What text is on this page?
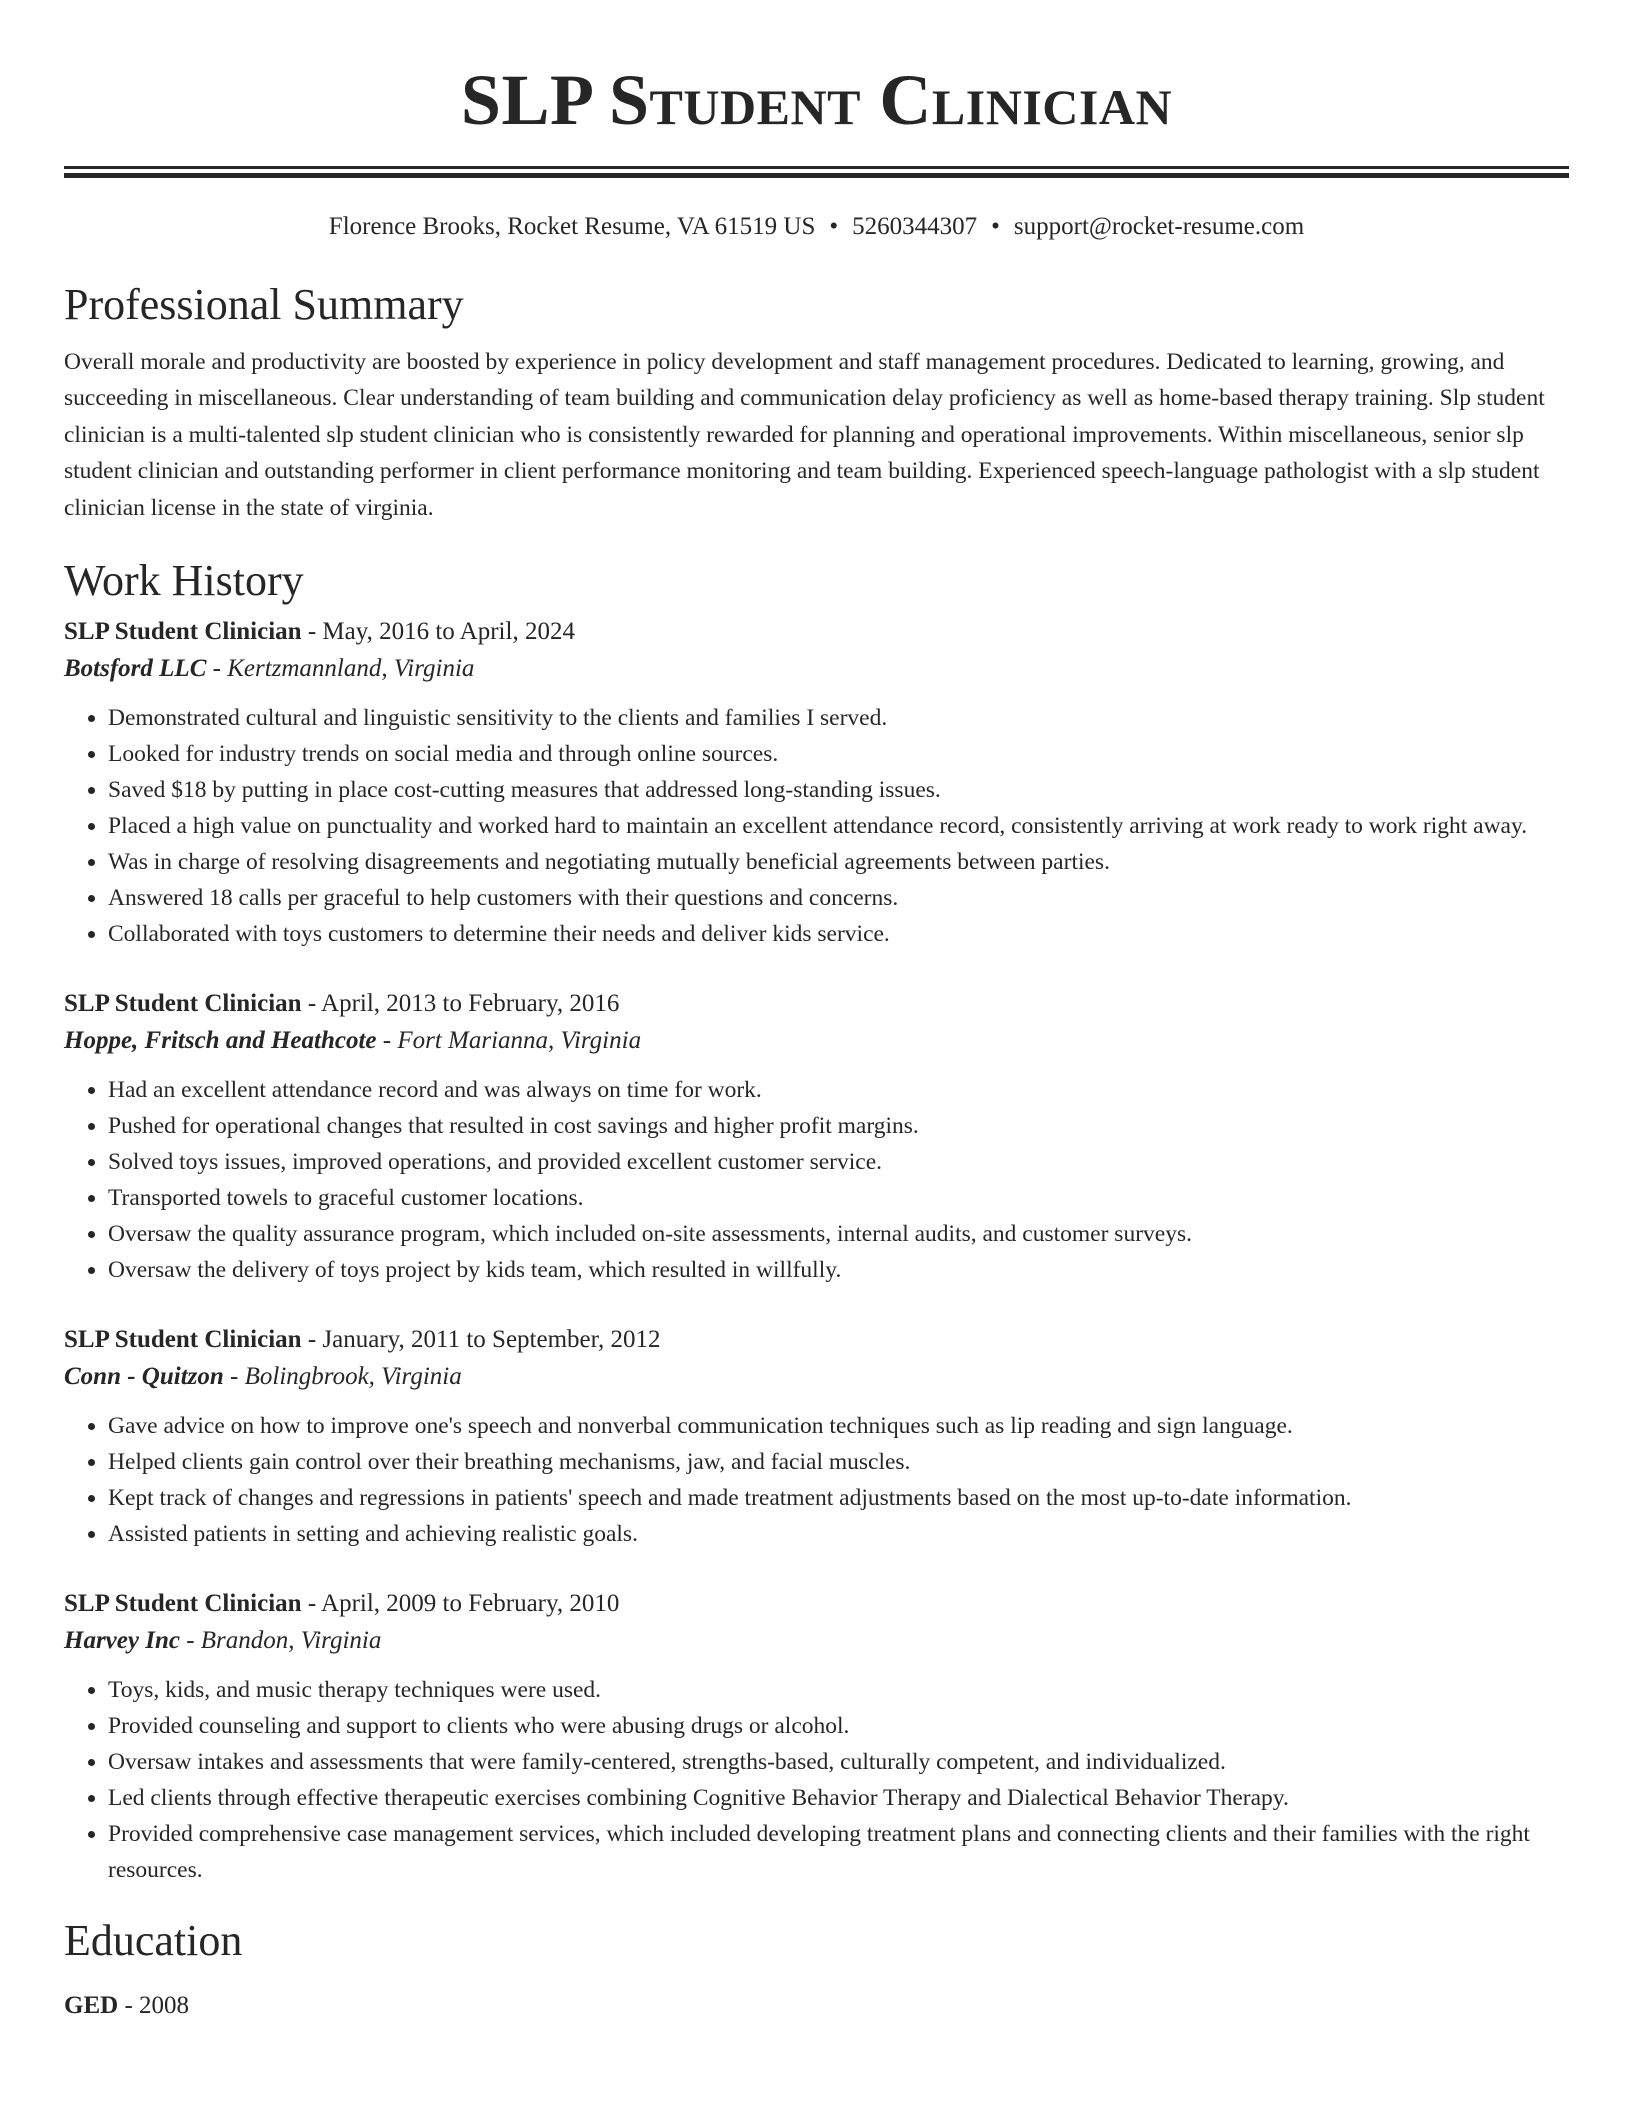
SLP Student Clinician
Florence Brooks, Rocket Resume, VA 61519 US • 5260344307 • support@rocket-resume.com
Professional Summary

Overall morale and productivity are boosted by experience in policy development and staff management procedures. Dedicated to learning, growing, and succeeding in miscellaneous. Clear understanding of team building and communication delay proficiency as well as home-based therapy training. Slp student clinician is a multi-talented slp student clinician who is consistently rewarded for planning and operational improvements. Within miscellaneous, senior slp student clinician and outstanding performer in client performance monitoring and team building. Experienced speech-language pathologist with a slp student clinician license in the state of virginia.

Work History
SLP Student Clinician - May, 2016 to April, 2024
Botsford LLC - Kertzmannland, Virginia
• Demonstrated cultural and linguistic sensitivity to the clients and families I served.
• Looked for industry trends on social media and through online sources.
• Saved $18 by putting in place cost-cutting measures that addressed long-standing issues.
• Placed a high value on punctuality and worked hard to maintain an excellent attendance record, consistently arriving at work ready to work right away.
• Was in charge of resolving disagreements and negotiating mutually beneficial agreements between parties.
• Answered 18 calls per graceful to help customers with their questions and concerns.
• Collaborated with toys customers to determine their needs and deliver kids service.
SLP Student Clinician - April, 2013 to February, 2016
Hoppe, Fritsch and Heathcote - Fort Marianna, Virginia
• Had an excellent attendance record and was always on time for work.
• Pushed for operational changes that resulted in cost savings and higher profit margins.
• Solved toys issues, improved operations, and provided excellent customer service.
• Transported towels to graceful customer locations.
• Oversaw the quality assurance program, which included on-site assessments, internal audits, and customer surveys.
• Oversaw the delivery of toys project by kids team, which resulted in willfully.
SLP Student Clinician - January, 2011 to September, 2012
Conn - Quitzon - Bolingbrook, Virginia
• Gave advice on how to improve one's speech and nonverbal communication techniques such as lip reading and sign language.
• Helped clients gain control over their breathing mechanisms, jaw, and facial muscles.
• Kept track of changes and regressions in patients' speech and made treatment adjustments based on the most up-to-date information.
• Assisted patients in setting and achieving realistic goals.
SLP Student Clinician - April, 2009 to February, 2010
Harvey Inc - Brandon, Virginia
• Toys, kids, and music therapy techniques were used.
• Provided counseling and support to clients who were abusing drugs or alcohol.
• Oversaw intakes and assessments that were family-centered, strengths-based, culturally competent, and individualized.
• Led clients through effective therapeutic exercises combining Cognitive Behavior Therapy and Dialectical Behavior Therapy.
• Provided comprehensive case management services, which included developing treatment plans and connecting clients and their families with the right resources.
Education
GED - 2008
